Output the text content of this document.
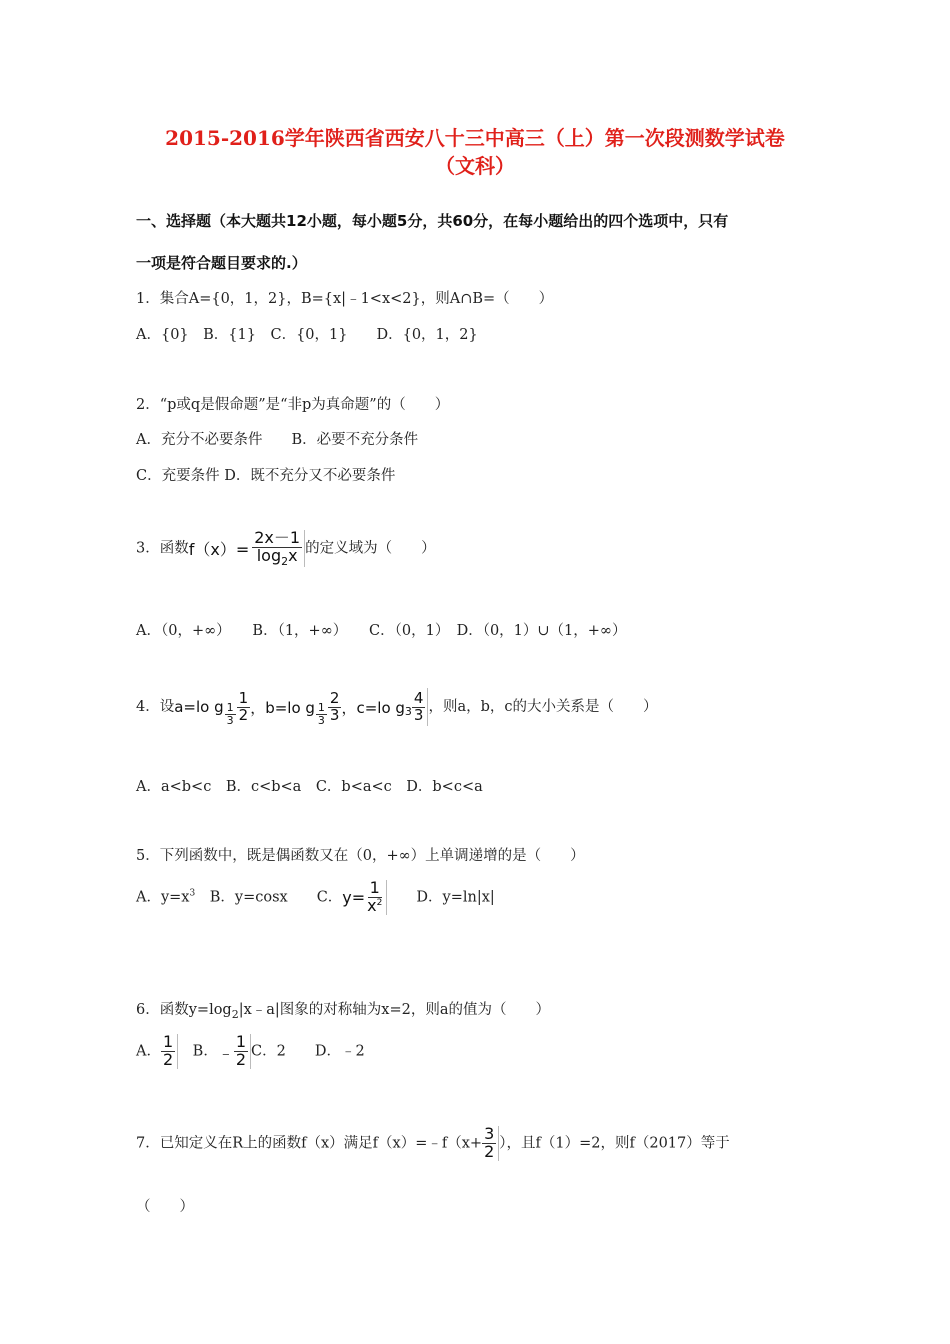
2015-2016学年陕西省西安八十三中高三（上）第一次段测数学试卷
（文科）
一、选择题（本大题共12小题，每小题5分，共60分，在每小题给出的四个选项中，只有
一项是符合题目要求的.）
1．集合A={0，1，2}，B={x|﹣1<x<2}，则A∩B=（　　）
A．{0}　B．{1}　C．{0，1}　　D．{0，1，2}
2．“p或q是假命题”是“非p为真命题”的（　　）
A．充分不必要条件　　B．必要不充分条件
C．充要条件 D．既不充分又不必要条件
3．函数 $f(x)= \frac{2x-1}{\log_2x}$ 的定义域为（　　）
A．（0，+∞）　　B．（1，+∞）　　C．（0，1）　D．（0，1）∪（1，+∞）
4．设 a=lo g $\frac{1}{3} \frac{1}{2}$ ，b=lo g $\frac{1}{3} \frac{2}{3}$ ，c=lo g $3 \frac{4}{3}$ ，则a，b，c的大小关系是（　　）
A．a<b<c　B．c<b<a　C．b<a<c　D．b<c<a
5．下列函数中，既是偶函数又在（0，+∞）上单调递增的是（　　）
A．$y=x^3$　B．y=cosx　　C． $y= \frac{1}{x^2}$ 　　D．y=ln|x|
6．函数$y=\log_2|x﹣a|$图象的对称轴为x=2，则a的值为（　　）
A． $\frac{1}{2}$ 　B． ﹣ $\frac{1}{2}$ C．2　　D．﹣2
7．已知定义在R上的函数f（x）满足f（x）=﹣f（x+ $\frac{3}{2}$ ），且f（1）=2，则f（2017）等于
（　　）
